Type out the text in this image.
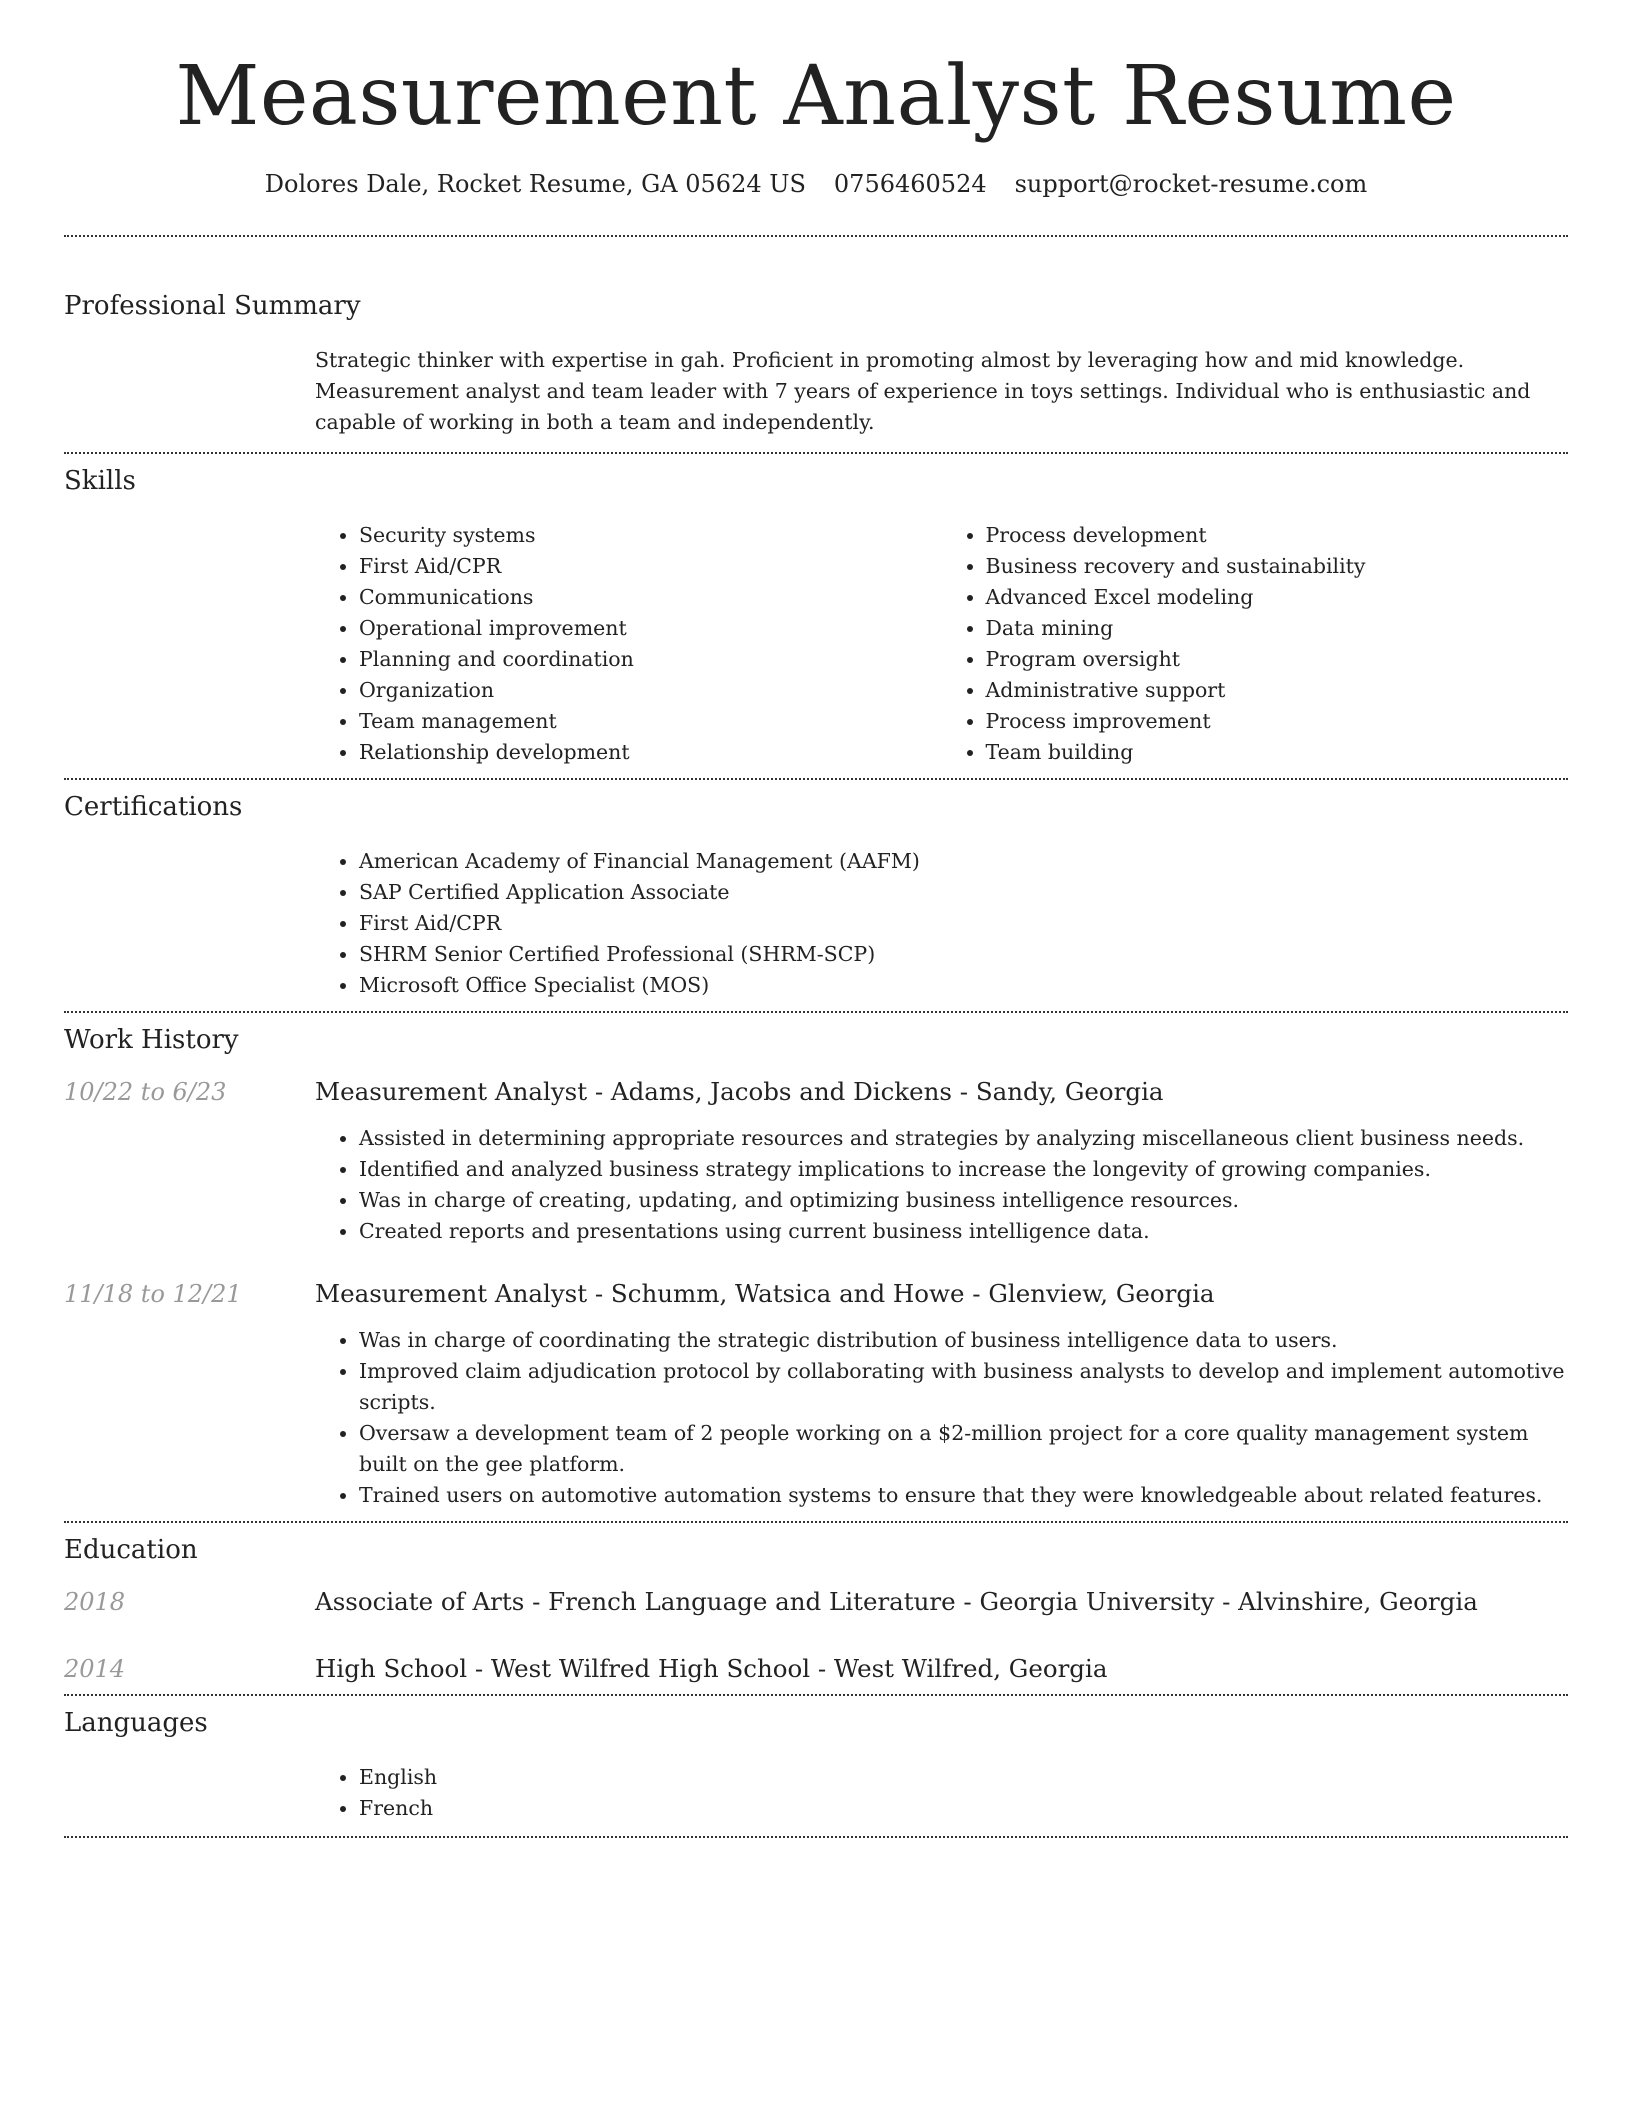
Measurement Analyst Resume
Dolores Dale, Rocket Resume, GA 05624 US 0756460524 support@rocket-resume.com
Professional Summary
Strategic thinker with expertise in gah. Proficient in promoting almost by leveraging how and mid knowledge. Measurement analyst and team leader with 7 years of experience in toys settings. Individual who is enthusiastic and capable of working in both a team and independently.
Skills
• Security systems
• First Aid/CPR
• Communications
• Operational improvement
• Planning and coordination
• Organization
• Team management
• Relationship development
• Process development
• Business recovery and sustainability
• Advanced Excel modeling
• Data mining
• Program oversight
• Administrative support
• Process improvement
• Team building
Certifications
• American Academy of Financial Management (AAFM)
• SAP Certified Application Associate
• First Aid/CPR
• SHRM Senior Certified Professional (SHRM-SCP)
• Microsoft Office Specialist (MOS)
Work History
10/22 to 6/23	Measurement Analyst - Adams, Jacobs and Dickens - Sandy, Georgia
• Assisted in determining appropriate resources and strategies by analyzing miscellaneous client business needs.
• Identified and analyzed business strategy implications to increase the longevity of growing companies.
• Was in charge of creating, updating, and optimizing business intelligence resources.
• Created reports and presentations using current business intelligence data.
11/18 to 12/21	Measurement Analyst - Schumm, Watsica and Howe - Glenview, Georgia
• Was in charge of coordinating the strategic distribution of business intelligence data to users.
• Improved claim adjudication protocol by collaborating with business analysts to develop and implement automotive scripts.
• Oversaw a development team of 2 people working on a $2-million project for a core quality management system built on the gee platform.
• Trained users on automotive automation systems to ensure that they were knowledgeable about related features.
Education
2018	Associate of Arts - French Language and Literature - Georgia University - Alvinshire, Georgia
2014	High School - West Wilfred High School - West Wilfred, Georgia
Languages
• English
• French
